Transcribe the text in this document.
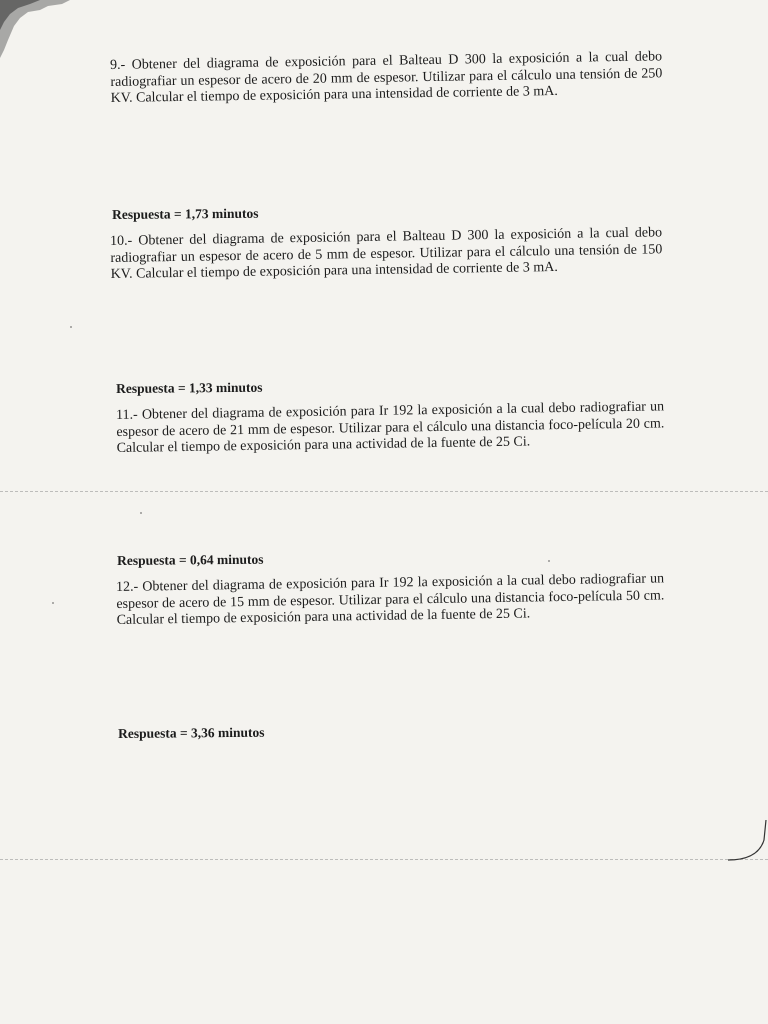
9.- Obtener del diagrama de exposición para el Balteau D 300 la exposición a la cual debo radiografiar un espesor de acero de 20 mm de espesor. Utilizar para el cálculo una tensión de 250 KV. Calcular el tiempo de exposición para una intensidad de corriente de 3 mA.
Respuesta = 1,73 minutos
10.- Obtener del diagrama de exposición para el Balteau D 300 la exposición a la cual debo radiografiar un espesor de acero de 5 mm de espesor. Utilizar para el cálculo una tensión de 150 KV. Calcular el tiempo de exposición para una intensidad de corriente de 3 mA.
Respuesta = 1,33 minutos
11.- Obtener del diagrama de exposición para Ir 192 la exposición a la cual debo radiografiar un espesor de acero de 21 mm de espesor. Utilizar para el cálculo una distancia foco-película 20 cm. Calcular el tiempo de exposición para una actividad de la fuente de 25 Ci.
Respuesta = 0,64 minutos
12.- Obtener del diagrama de exposición para Ir 192 la exposición a la cual debo radiografiar un espesor de acero de 15 mm de espesor. Utilizar para el cálculo una distancia foco-película 50 cm. Calcular el tiempo de exposición para una actividad de la fuente de 25 Ci.
Respuesta = 3,36 minutos
